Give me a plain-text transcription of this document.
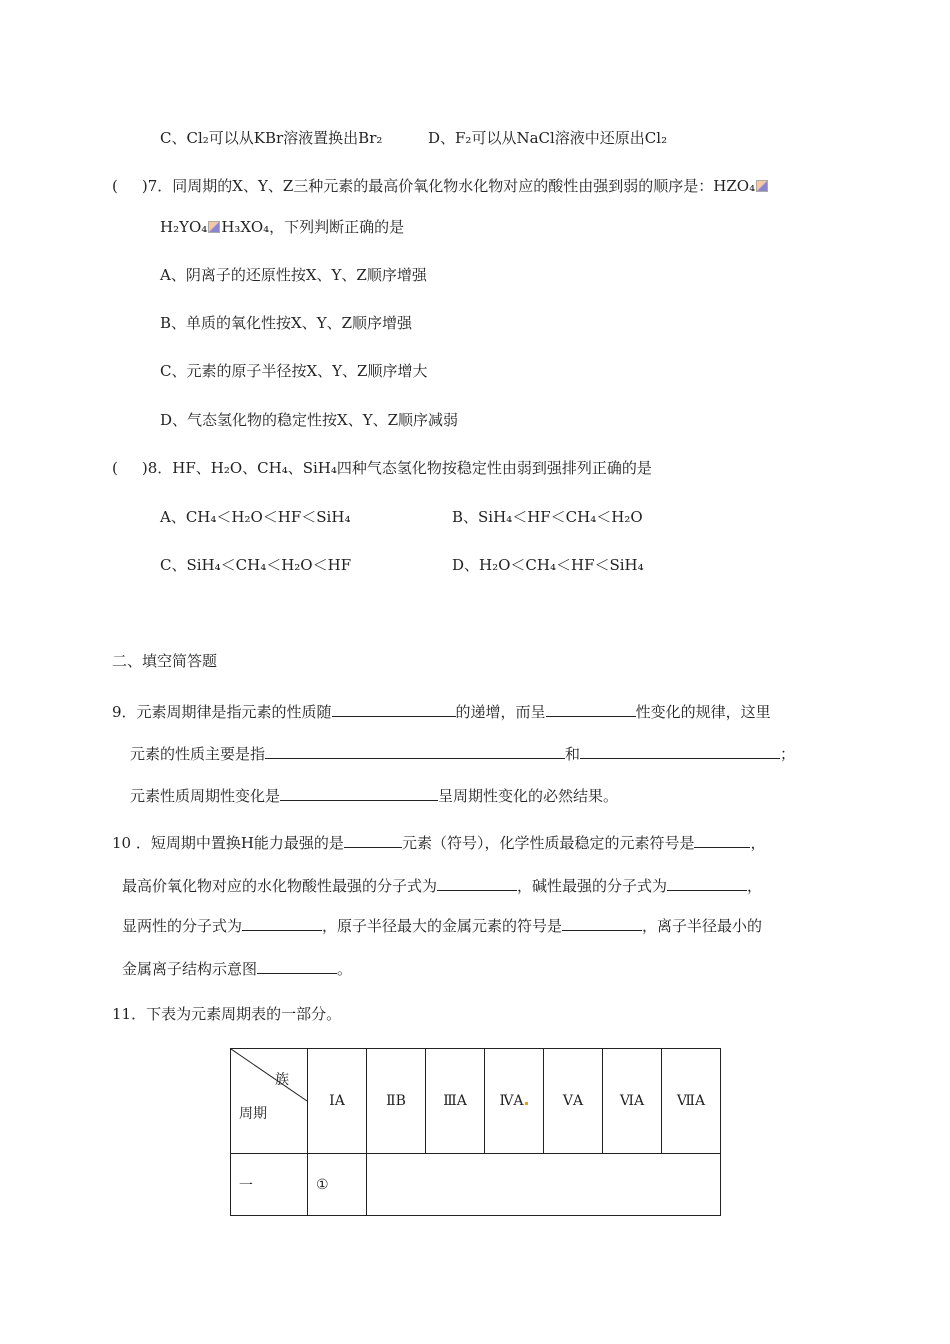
C、Cl₂可以从KBr溶液置换出Br₂	D、F₂可以从NaCl溶液中还原出Cl₂
( )7．同周期的X、Y、Z三种元素的最高价氧化物水化物对应的酸性由强到弱的顺序是：HZO₄
H₂YO₄ H₃XO₄，下列判断正确的是
A、阴离子的还原性按X、Y、Z顺序增强
B、单质的氧化性按X、Y、Z顺序增强
C、元素的原子半径按X、Y、Z顺序增大
D、气态氢化物的稳定性按X、Y、Z顺序减弱
( )8．HF、H₂O、CH₄、SiH₄四种气态氢化物按稳定性由弱到强排列正确的是
A、CH₄＜H₂O＜HF＜SiH₄	B、SiH₄＜HF＜CH₄＜H₂O
C、SiH₄＜CH₄＜H₂O＜HF	D、H₂O＜CH₄＜HF＜SiH₄
二、填空简答题
9．元素周期律是指元素的性质随	的递增，而呈	性变化的规律，这里
元素的性质主要是指	和	；
元素性质周期性变化是	呈周期性变化的必然结果。
10 ．短周期中置换H能力最强的是	元素（符号），化学性质最稳定的元素符号是	，
最高价氧化物对应的水化物酸性最强的分子式为	，碱性最强的分子式为	，
显两性的分子式为	，原子半径最大的金属元素的符号是	，离子半径最小的
金属离子结构示意图	。
11．下表为元素周期表的一部分。
族
周期	ⅠA	ⅡB	ⅢA	ⅣA	ⅤA	ⅥA	ⅦA
一	①						
